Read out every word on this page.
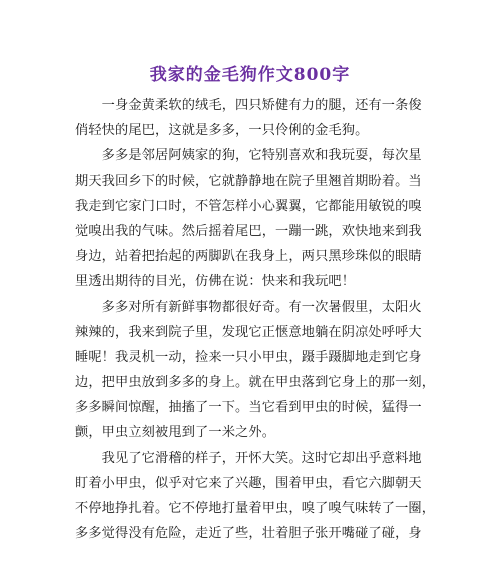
我家的金毛狗作文800字
　　一身金黄柔软的绒毛，四只矫健有力的腿，还有一条俊
俏轻快的尾巴，这就是多多，一只伶俐的金毛狗。
　　多多是邻居阿姨家的狗，它特别喜欢和我玩耍，每次星
期天我回乡下的时候，它就静静地在院子里翘首期盼着。当
我走到它家门口时，不管怎样小心翼翼，它都能用敏锐的嗅
觉嗅出我的气味。然后摇着尾巴，一蹦一跳，欢快地来到我
身边，站着把抬起的两脚趴在我身上，两只黑珍珠似的眼睛
里透出期待的目光，仿佛在说：快来和我玩吧！
　　多多对所有新鲜事物都很好奇。有一次暑假里，太阳火
辣辣的，我来到院子里，发现它正惬意地躺在阴凉处呼呼大
睡呢！我灵机一动，捡来一只小甲虫，蹑手蹑脚地走到它身
边，把甲虫放到多多的身上。就在甲虫落到它身上的那一刻，
多多瞬间惊醒，抽搐了一下。当它看到甲虫的时候，猛得一
颤，甲虫立刻被甩到了一米之外。
　　我见了它滑稽的样子，开怀大笑。这时它却出乎意料地
盯着小甲虫，似乎对它来了兴趣，围着甲虫，看它六脚朝天
不停地挣扎着。它不停地打量着甲虫，嗅了嗅气味转了一圈，
多多觉得没有危险，走近了些，壮着胆子张开嘴碰了碰，身
